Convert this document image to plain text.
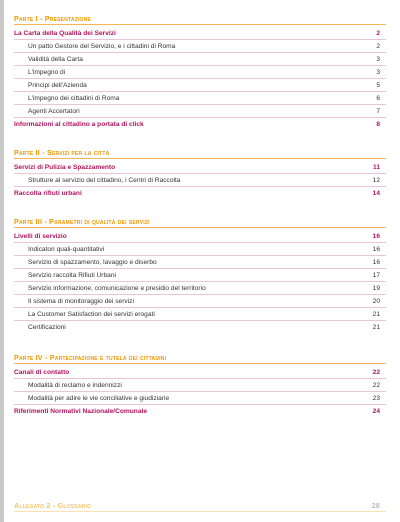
Parte I - Presentazione
La Carta della Qualità dei Servizi	2
Un patto Gestore del Servizio, e i cittadini di Roma	2
Validità della Carta	3
L'impegno di	3
Principi dell'Azienda	5
L'impegno dei cittadini di Roma	6
Agenti Accertatori	7
Informazioni al cittadino a portata di click	8
Parte II - Servizi per la città
Servizi di Pulizia e Spazzamento	11
Strutture al servizio del cittadino, i Centri di Raccolta	12
Raccolta rifiuti urbani	14
Parte III - Parametri di qualità dei servizi
Livelli di servizio	16
Indicatori quali-quantitativi	16
Servizio di spazzamento, lavaggio e diserbo	16
Servizio raccolta Rifiuti Urbani	17
Servizio informazione, comunicazione e presidio del territorio	19
Il sistema di monitoraggio dei servizi	20
La Customer Satisfaction dei servizi erogati	21
Certificazioni	21
Parte IV - Partecipazione e tutela dei cittadini
Canali di contatto	22
Modalità di reclamo e indennizzi	22
Modalità per adire le vie conciliative e giudiziarie	23
Riferimenti Normativi Nazionale/Comunale	24
Allegato 2 - Glossario	28
